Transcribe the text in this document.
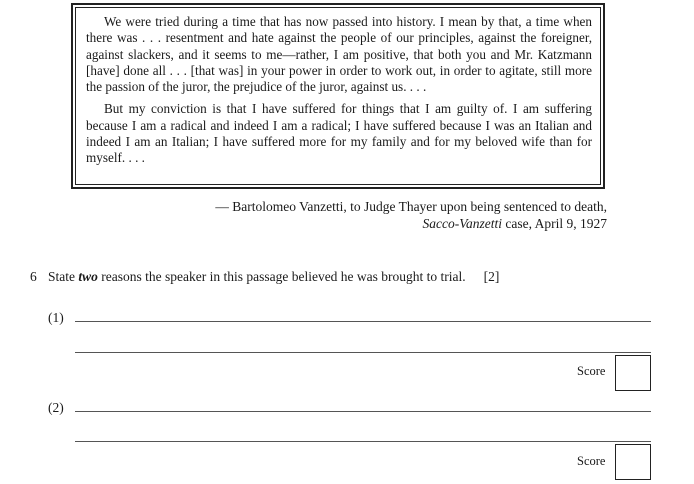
We were tried during a time that has now passed into history. I mean by that, a time when there was . . . resentment and hate against the people of our principles, against the foreigner, against slackers, and it seems to me—rather, I am positive, that both you and Mr. Katzmann [have] done all . . . [that was] in your power in order to work out, in order to agitate, still more the passion of the juror, the prejudice of the juror, against us. . . .

But my conviction is that I have suffered for things that I am guilty of. I am suffering because I am a radical and indeed I am a radical; I have suffered because I was an Italian and indeed I am an Italian; I have suffered more for my family and for my beloved wife than for myself. . . .

— Bartolomeo Vanzetti, to Judge Thayer upon being sentenced to death,
Sacco-Vanzetti case, April 9, 1927
6 State two reasons the speaker in this passage believed he was brought to trial. [2]
(1)
Score
(2)
Score
